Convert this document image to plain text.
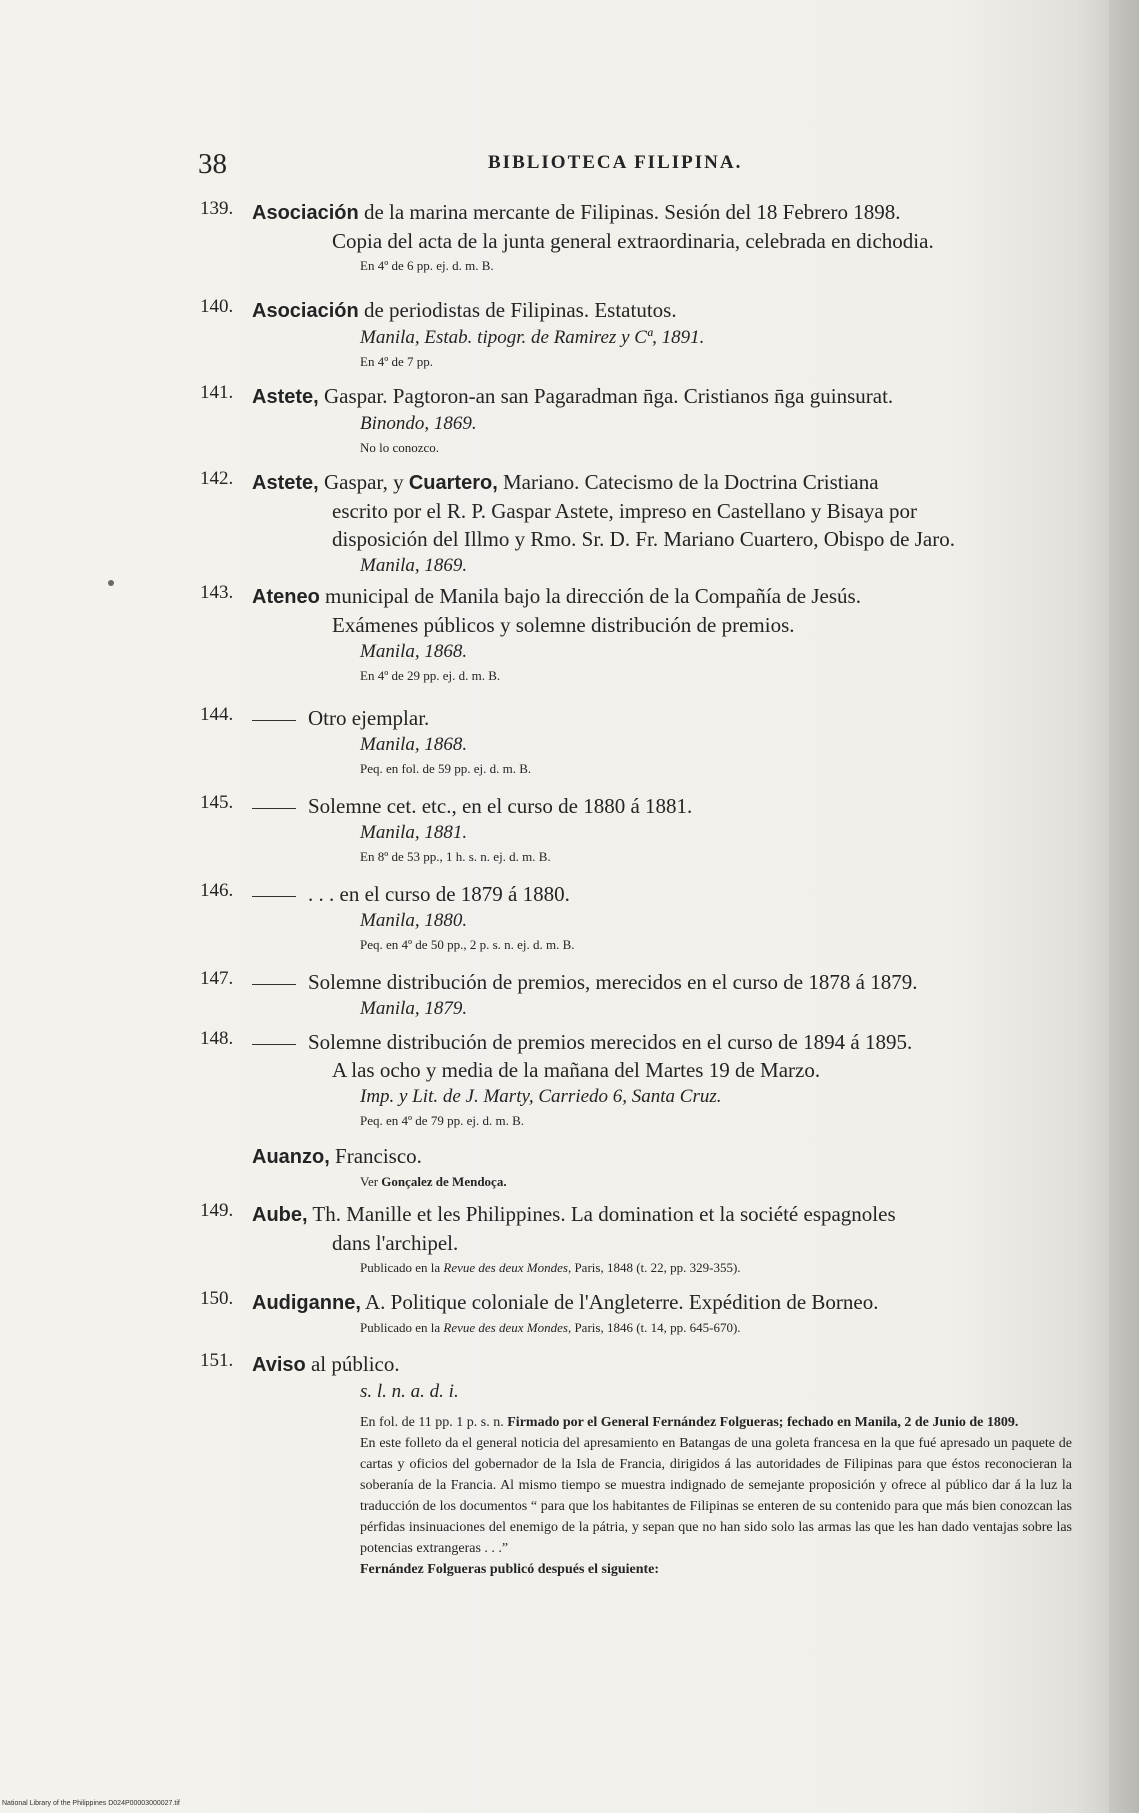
38	BIBLIOTECA FILIPINA.
139. Asociación de la marina mercante de Filipinas. Sesión del 18 Febrero 1898.
Copia del acta de la junta general extraordinaria, celebrada en dichodia.
En 4º de 6 pp. ej. d. m. B.
140. Asociación de periodistas de Filipinas. Estatutos.
Manila, Estab. tipogr. de Ramirez y Cª, 1891.
En 4º de 7 pp.
141. Astete, Gaspar. Pagtoron-an san Pagaradman n̄ga. Cristianos n̄ga guinsurat.
Binondo, 1869.
No lo conozco.
142. Astete, Gaspar, y Cuartero, Mariano. Catecismo de la Doctrina Cristiana
escrito por el R. P. Gaspar Astete, impreso en Castellano y Bisaya por
disposición del Illmo y Rmo. Sr. D. Fr. Mariano Cuartero, Obispo de Jaro.
Manila, 1869.
143. Ateneo municipal de Manila bajo la dirección de la Compañía de Jesús.
Exámenes públicos y solemne distribución de premios.
Manila, 1868.
En 4º de 29 pp. ej. d. m. B.
144.	Otro ejemplar.
Manila, 1868.
Peq. en fol. de 59 pp. ej. d. m. B.
145.	Solemne cet. etc., en el curso de 1880 á 1881.
Manila, 1881.
En 8º de 53 pp., 1 h. s. n. ej. d. m. B.
146.	. . . en el curso de 1879 á 1880.
Manila, 1880.
Peq. en 4º de 50 pp., 2 p. s. n. ej. d. m. B.
147.	Solemne distribución de premios, merecidos en el curso de 1878 á 1879.
Manila, 1879.
148.	Solemne distribución de premios merecidos en el curso de 1894 á 1895.
A las ocho y media de la mañana del Martes 19 de Marzo.
Imp. y Lit. de J. Marty, Carriedo 6, Santa Cruz.
Peq. en 4º de 79 pp. ej. d. m. B.
Auanzo, Francisco.
Ver Gonçalez de Mendoça.
149. Aube, Th. Manille et les Philippines. La domination et la société espagnoles
dans l'archipel.
Publicado en la Revue des deux Mondes, Paris, 1848 (t. 22, pp. 329-355).
150. Audiganne, A. Politique coloniale de l'Angleterre. Expédition de Borneo.
Publicado en la Revue des deux Mondes, Paris, 1846 (t. 14, pp. 645-670).
151. Aviso al público.
s. l. n. a. d. i.

En fol. de 11 pp. 1 p. s. n. Firmado por el General Fernández Folgueras; fechado en Manila, 2 de Junio de 1809.

En este folleto da el general noticia del apresamiento en Batangas de una goleta francesa en la que fué apresado un paquete de cartas y oficios del gobernador de la Isla de Francia, dirigidos á las autoridades de Filipinas para que éstos reconocieran la soberanía de la Francia. Al mismo tiempo se muestra indignado de semejante proposición y ofrece al público dar á la luz la traducción de los documentos “ para que los habitantes de Filipinas se enteren de su contenido para que más bien conozcan las pérfidas insinuaciones del enemigo de la pátria, y sepan que no han sido solo las armas las que les han dado ventajas sobre las potencias extrangeras . . .”

Fernández Folgueras publicó después el siguiente:

National Library of the Philippines D024P00003000027.tif
